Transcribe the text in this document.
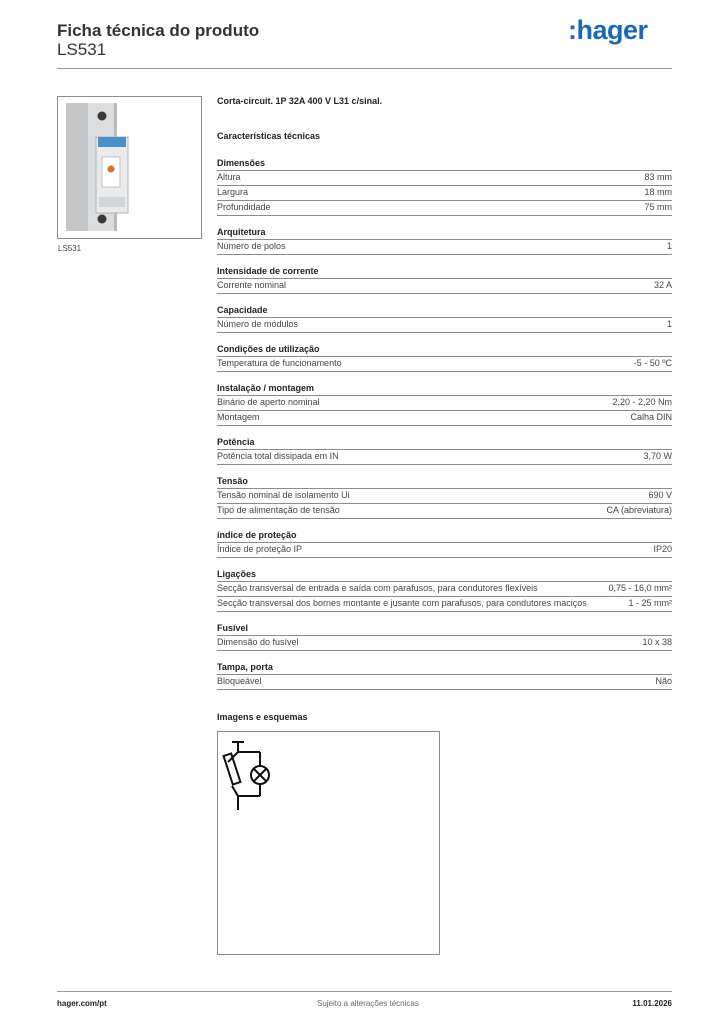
Ficha técnica do produto
LS531
:hager
LS531
Corta-circuit. 1P 32A 400 V L31 c/sinal.
Características técnicas
Dimensões
Altura	83 mm
Largura	18 mm
Profundidade	75 mm
Arquitetura
Número de polos	1
Intensidade de corrente
Corrente nominal	32 A
Capacidade
Número de módulos	1
Condições de utilização
Temperatura de funcionamento	-5 - 50 ºC
Instalação / montagem
Binário de aperto nominal	2,20 - 2,20 Nm
Montagem	Calha DIN
Potência
Potência total dissipada em IN	3,70 W
Tensão
Tensão nominal de isolamento Ui	690 V
Tipo de alimentação de tensão	CA (abreviatura)
índice de proteção
Índice de proteção IP	IP20
Ligações
Secção transversal de entrada e saída com parafusos, para condutores flexíveis	0,75 - 16,0 mm²
Secção transversal dos bornes montante e jusante com parafusos, para condutores maciços	1 - 25 mm²
Fusível
Dimensão do fusível	10 x 38
Tampa, porta
Bloqueável	Não
Imagens e esquemas
hager.com/pt	Sujeito a alterações técnicas	11.01.2026
